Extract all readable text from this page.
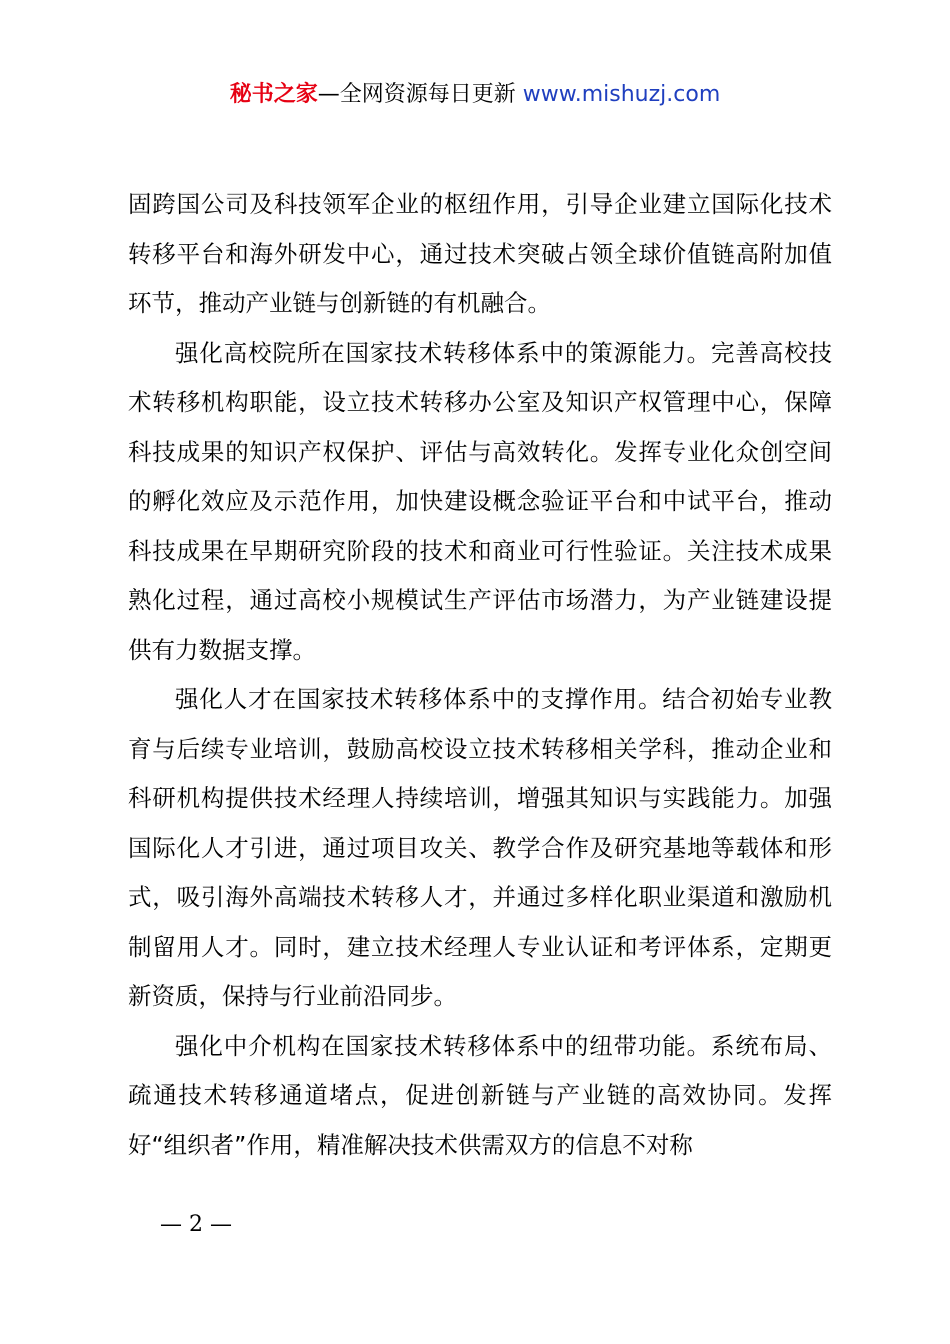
秘书之家—全网资源每日更新 www.mishuzj.com

固跨国公司及科技领军企业的枢纽作用，引导企业建立国际化技术转移平台和海外研发中心，通过技术突破占领全球价值链高附加值环节，推动产业链与创新链的有机融合。

强化高校院所在国家技术转移体系中的策源能力。完善高校技术转移机构职能，设立技术转移办公室及知识产权管理中心，保障科技成果的知识产权保护、评估与高效转化。发挥专业化众创空间的孵化效应及示范作用，加快建设概念验证平台和中试平台，推动科技成果在早期研究阶段的技术和商业可行性验证。关注技术成果熟化过程，通过高校小规模试生产评估市场潜力，为产业链建设提供有力数据支撑。

强化人才在国家技术转移体系中的支撑作用。结合初始专业教育与后续专业培训，鼓励高校设立技术转移相关学科，推动企业和科研机构提供技术经理人持续培训，增强其知识与实践能力。加强国际化人才引进，通过项目攻关、教学合作及研究基地等载体和形式，吸引海外高端技术转移人才，并通过多样化职业渠道和激励机制留用人才。同时，建立技术经理人专业认证和考评体系，定期更新资质，保持与行业前沿同步。

强化中介机构在国家技术转移体系中的纽带功能。系统布局、疏通技术转移通道堵点，促进创新链与产业链的高效协同。发挥好“组织者”作用，精准解决技术供需双方的信息不对称

— 2 —
